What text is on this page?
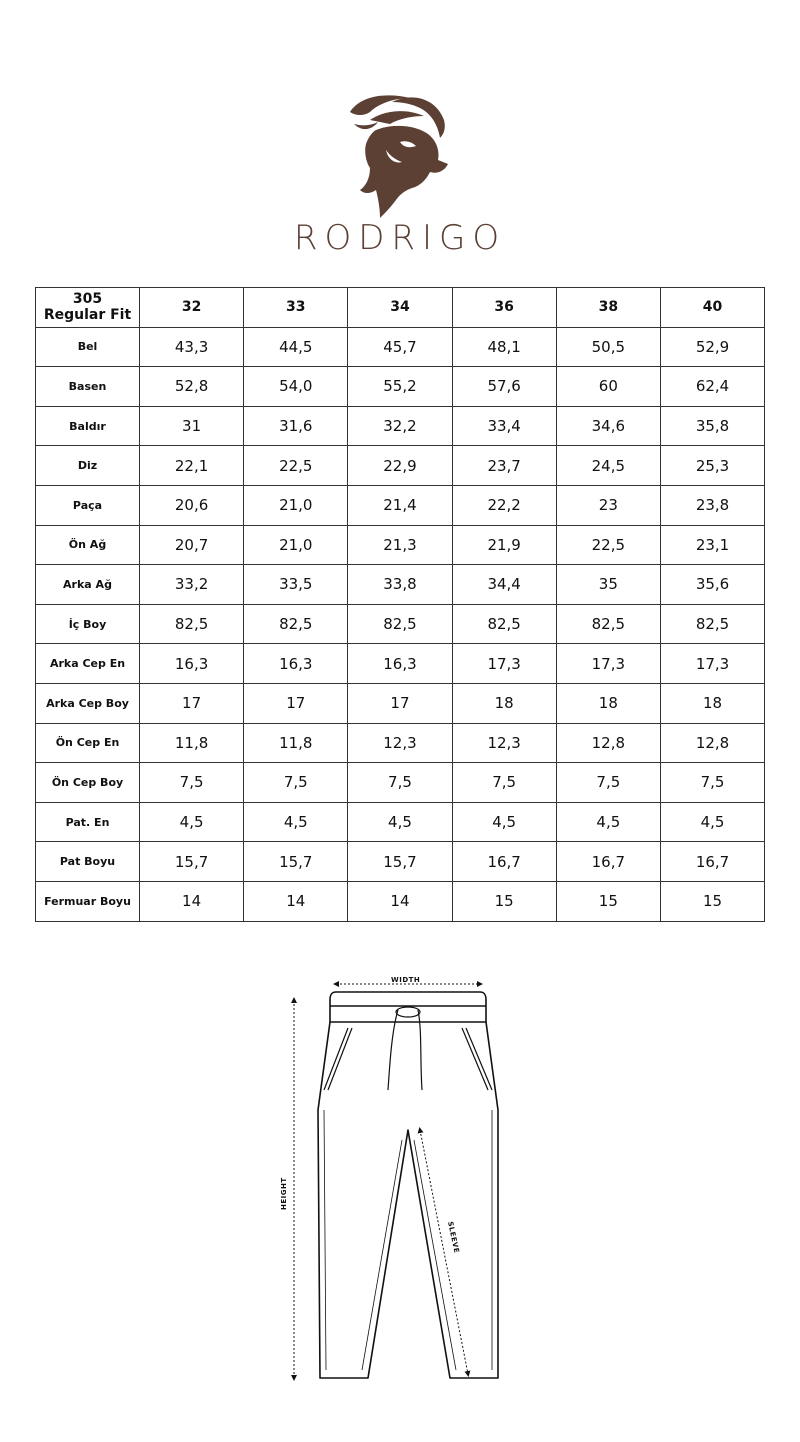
RODRIGO
305
Regular Fit	32	33	34	36	38	40
Bel	43,3	44,5	45,7	48,1	50,5	52,9
Basen	52,8	54,0	55,2	57,6	60	62,4
Baldır	31	31,6	32,2	33,4	34,6	35,8
Diz	22,1	22,5	22,9	23,7	24,5	25,3
Paça	20,6	21,0	21,4	22,2	23	23,8
Ön Ağ	20,7	21,0	21,3	21,9	22,5	23,1
Arka Ağ	33,2	33,5	33,8	34,4	35	35,6
İç Boy	82,5	82,5	82,5	82,5	82,5	82,5
Arka Cep En	16,3	16,3	16,3	17,3	17,3	17,3
Arka Cep Boy	17	17	17	18	18	18
Ön Cep En	11,8	11,8	12,3	12,3	12,8	12,8
Ön Cep Boy	7,5	7,5	7,5	7,5	7,5	7,5
Pat. En	4,5	4,5	4,5	4,5	4,5	4,5
Pat Boyu	15,7	15,7	15,7	16,7	16,7	16,7
Fermuar Boyu	14	14	14	15	15	15
WIDTH
HEIGHT
SLEEVE
